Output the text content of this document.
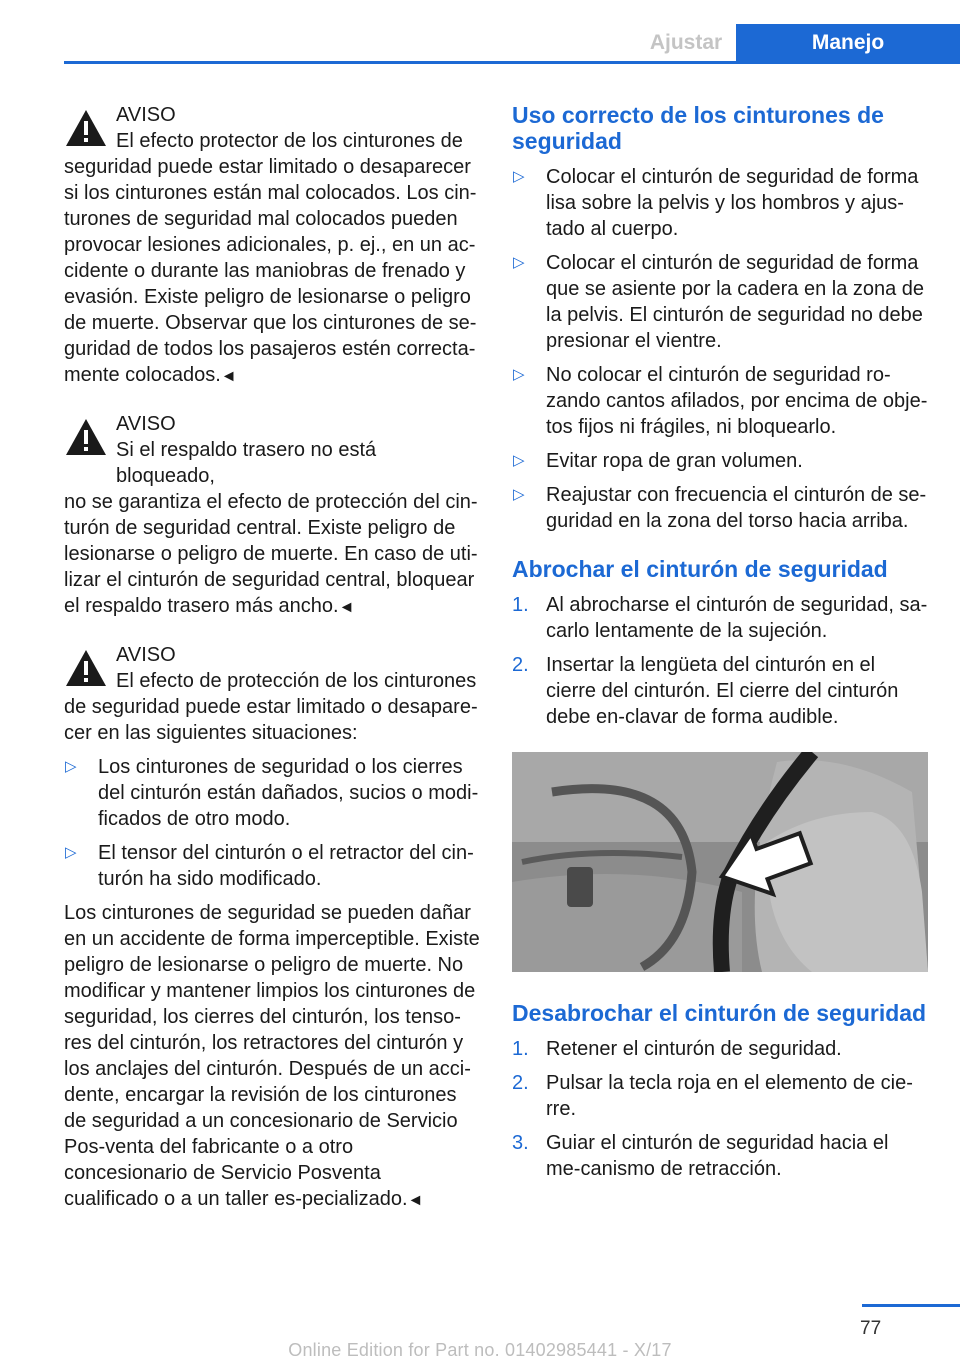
Ajustar	Manejo
AVISO
El efecto protector de los cinturones de
seguridad puede estar limitado o desaparecer si los cinturones están mal colocados. Los cin‐turones de seguridad mal colocados pueden provocar lesiones adicionales, p. ej., en un ac‐cidente o durante las maniobras de frenado y evasión. Existe peligro de lesionarse o peligro de muerte. Observar que los cinturones de se‐guridad de todos los pasajeros estén correcta‐mente colocados.◄
AVISO
Si el respaldo trasero no está bloqueado,
no se garantiza el efecto de protección del cin‐turón de seguridad central. Existe peligro de lesionarse o peligro de muerte. En caso de uti‐lizar el cinturón de seguridad central, bloquear el respaldo trasero más ancho.◄
AVISO
El efecto de protección de los cinturones

de seguridad puede estar limitado o desapare‐cer en las siguientes situaciones:

▷ Los cinturones de seguridad o los cierres del cinturón están dañados, sucios o modi‐ficados de otro modo.
▷ El tensor del cinturón o el retractor del cin‐turón ha sido modificado.
Los cinturones de seguridad se pueden dañar en un accidente de forma imperceptible. Existe peligro de lesionarse o peligro de muerte. No modificar y mantener limpios los cinturones de seguridad, los cierres del cinturón, los tenso‐res del cinturón, los retractores del cinturón y los anclajes del cinturón. Después de un acci‐dente, encargar la revisión de los cinturones de seguridad a un concesionario de Servicio Pos‐venta del fabricante o a otro concesionario de Servicio Posventa cualificado o a un taller es‐pecializado.◄
Uso correcto de los cinturones de seguridad
▷ Colocar el cinturón de seguridad de forma lisa sobre la pelvis y los hombros y ajus‐tado al cuerpo.
▷ Colocar el cinturón de seguridad de forma que se asiente por la cadera en la zona de la pelvis. El cinturón de seguridad no debe presionar el vientre.
▷ No colocar el cinturón de seguridad ro‐zando cantos afilados, por encima de obje‐tos fijos ni frágiles, ni bloquearlo.
▷ Evitar ropa de gran volumen.
▷ Reajustar con frecuencia el cinturón de se‐guridad en la zona del torso hacia arriba.
Abrochar el cinturón de seguridad
1. Al abrocharse el cinturón de seguridad, sa‐carlo lentamente de la sujeción.
2. Insertar la lengüeta del cinturón en el cierre del cinturón. El cierre del cinturón debe en‐clavar de forma audible.
Desabrochar el cinturón de seguridad
1. Retener el cinturón de seguridad.
2. Pulsar la tecla roja en el elemento de cie‐rre.
3. Guiar el cinturón de seguridad hacia el me‐canismo de retracción.
77
Online Edition for Part no. 01402985441 - X/17
